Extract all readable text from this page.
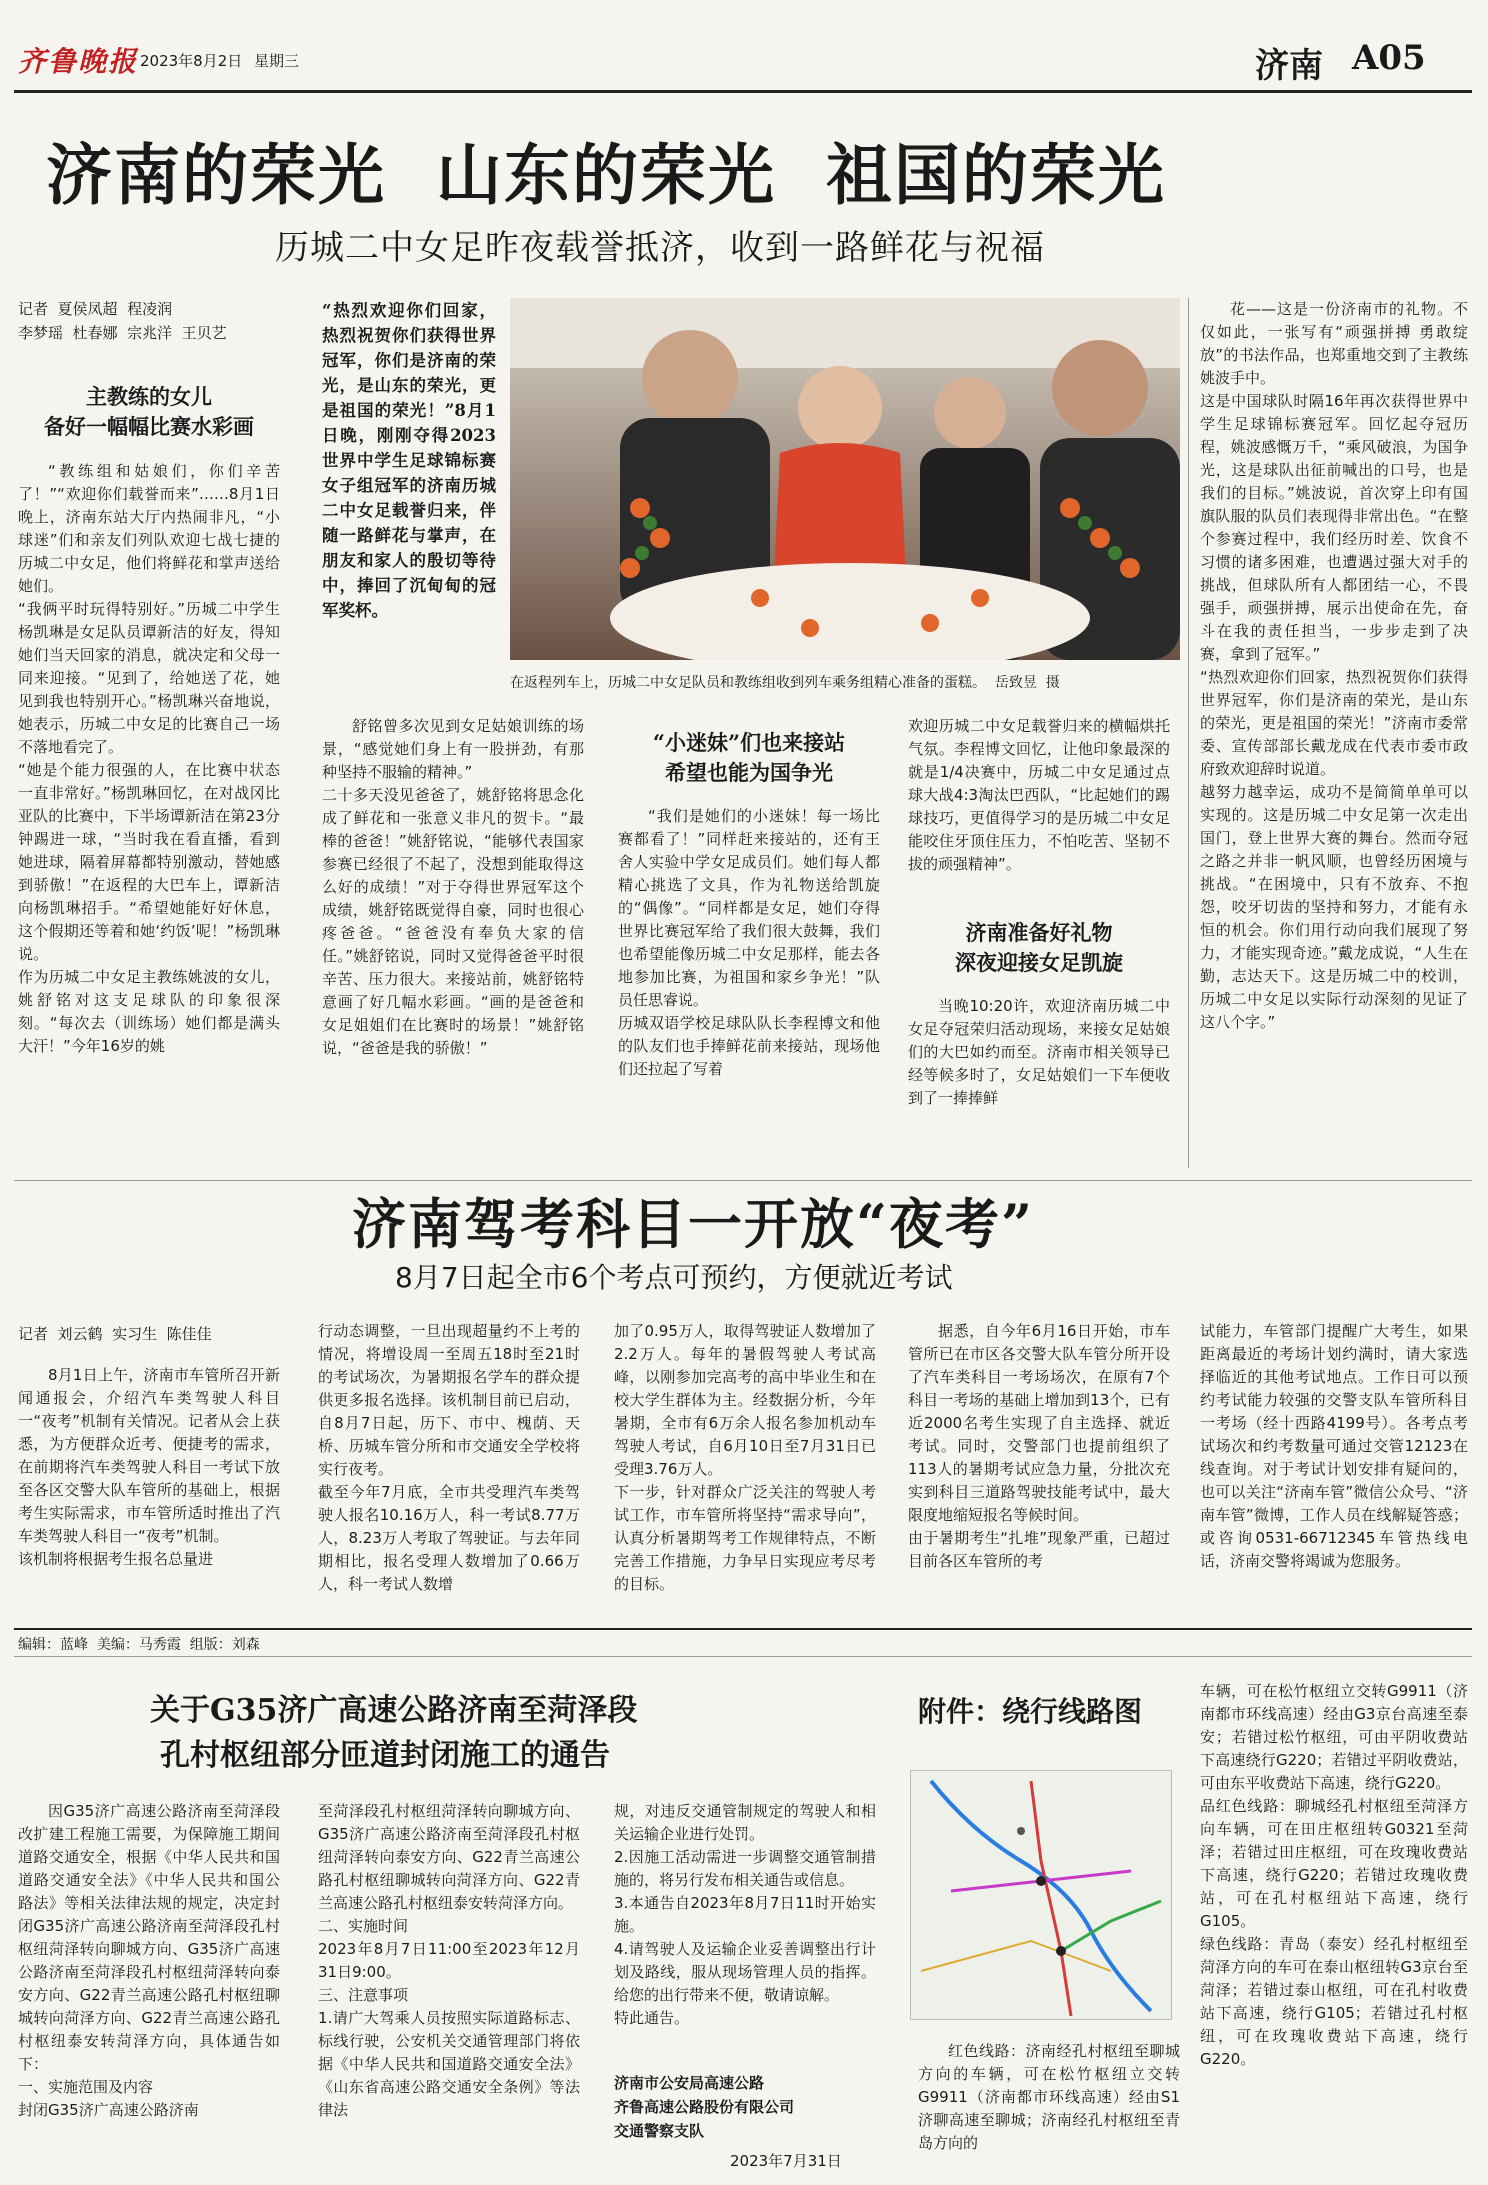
齐鲁晚报 2023年8月2日 星期三	济南 A05
济南的荣光  山东的荣光  祖国的荣光
历城二中女足昨夜载誉抵济，收到一路鲜花与祝福
记者  夏侯凤超  程凌润
李梦瑶  杜春娜  宗兆洋  王贝艺
主教练的女儿
备好一幅幅比赛水彩画
“教练组和姑娘们，你们辛苦了！”“欢迎你们载誉而来”……8月1日晚上，济南东站大厅内热闹非凡，“小球迷”们和亲友们列队欢迎七战七捷的历城二中女足，他们将鲜花和掌声送给她们。
“我俩平时玩得特别好。”历城二中学生杨凯琳是女足队员谭新洁的好友，得知她们当天回家的消息，就决定和父母一同来迎接。“见到了，给她送了花，她见到我也特别开心。”杨凯琳兴奋地说，她表示，历城二中女足的比赛自己一场不落地看完了。
“她是个能力很强的人，在比赛中状态一直非常好。”杨凯琳回忆，在对战冈比亚队的比赛中，下半场谭新洁在第23分钟踢进一球，“当时我在看直播，看到她进球，隔着屏幕都特别激动，替她感到骄傲！”在返程的大巴车上，谭新洁向杨凯琳招手。“希望她能好好休息，这个假期还等着和她‘约饭’呢！”杨凯琳说。
作为历城二中女足主教练姚波的女儿，姚舒铭对这支足球队的印象很深刻。“每次去（训练场）她们都是满头大汗！”今年16岁的姚
“热烈欢迎你们回家，热烈祝贺你们获得世界冠军，你们是济南的荣光，是山东的荣光，更是祖国的荣光！”8月1日晚，刚刚夺得2023世界中学生足球锦标赛女子组冠军的济南历城二中女足载誉归来，伴随一路鲜花与掌声，在朋友和家人的殷切等待中，捧回了沉甸甸的冠军奖杯。
在返程列车上，历城二中女足队员和教练组收到列车乘务组精心准备的蛋糕。  岳致昱  摄
舒铭曾多次见到女足姑娘训练的场景，“感觉她们身上有一股拼劲，有那种坚持不服输的精神。”
二十多天没见爸爸了，姚舒铭将思念化成了鲜花和一张意义非凡的贺卡。“最棒的爸爸！”姚舒铭说，“能够代表国家参赛已经很了不起了，没想到能取得这么好的成绩！”对于夺得世界冠军这个成绩，姚舒铭既觉得自豪，同时也很心疼爸爸。“爸爸没有奉负大家的信任。”姚舒铭说，同时又觉得爸爸平时很辛苦、压力很大。来接站前，姚舒铭特意画了好几幅水彩画。“画的是爸爸和女足姐姐们在比赛时的场景！”姚舒铭说，“爸爸是我的骄傲！”
“小迷妹”们也来接站
希望也能为国争光
“我们是她们的小迷妹！每一场比赛都看了！”同样赶来接站的，还有王舍人实验中学女足成员们。她们每人都精心挑选了文具，作为礼物送给凯旋的“偶像”。“同样都是女足，她们夺得世界比赛冠军给了我们很大鼓舞，我们也希望能像历城二中女足那样，能去各地参加比赛，为祖国和家乡争光！”队员任思睿说。
历城双语学校足球队队长李程博文和他的队友们也手捧鲜花前来接站，现场他们还拉起了写着
欢迎历城二中女足载誉归来的横幅烘托气氛。李程博文回忆，让他印象最深的就是1/4决赛中，历城二中女足通过点球大战4:3淘汰巴西队，“比起她们的踢球技巧，更值得学习的是历城二中女足能咬住牙顶住压力，不怕吃苦、坚韧不拔的顽强精神”。
济南准备好礼物
深夜迎接女足凯旋
当晚10:20许，欢迎济南历城二中女足夺冠荣归活动现场，来接女足姑娘们的大巴如约而至。济南市相关领导已经等候多时了，女足姑娘们一下车便收到了一捧捧鲜
花——这是一份济南市的礼物。不仅如此，一张写有“顽强拼搏 勇敢绽放”的书法作品，也郑重地交到了主教练姚波手中。
这是中国球队时隔16年再次获得世界中学生足球锦标赛冠军。回忆起夺冠历程，姚波感慨万千，“乘风破浪，为国争光，这是球队出征前喊出的口号，也是我们的目标。”姚波说，首次穿上印有国旗队服的队员们表现得非常出色。“在整个参赛过程中，我们经历时差、饮食不习惯的诸多困难，也遭遇过强大对手的挑战，但球队所有人都团结一心，不畏强手，顽强拼搏，展示出使命在先，奋斗在我的责任担当，一步步走到了决赛，拿到了冠军。”
“热烈欢迎你们回家，热烈祝贺你们获得世界冠军，你们是济南的荣光，是山东的荣光，更是祖国的荣光！”济南市委常委、宣传部部长戴龙成在代表市委市政府致欢迎辞时说道。
越努力越幸运，成功不是简简单单可以实现的。这是历城二中女足第一次走出国门，登上世界大赛的舞台。然而夺冠之路之并非一帆风顺，也曾经历困境与挑战。“在困境中，只有不放弃、不抱怨，咬牙切齿的坚持和努力，才能有永恒的机会。你们用行动向我们展现了努力，才能实现奇迹。”戴龙成说，“人生在勤，志达天下。这是历城二中的校训，历城二中女足以实际行动深刻的见证了这八个字。”
济南驾考科目一开放“夜考”
8月7日起全市6个考点可预约，方便就近考试
记者  刘云鹤  实习生  陈佳佳
8月1日上午，济南市车管所召开新闻通报会，介绍汽车类驾驶人科目一“夜考”机制有关情况。记者从会上获悉，为方便群众近考、便捷考的需求，在前期将汽车类驾驶人科目一考试下放至各区交警大队车管所的基础上，根据考生实际需求，市车管所适时推出了汽车类驾驶人科目一“夜考”机制。
该机制将根据考生报名总量进
行动态调整，一旦出现超量约不上考的情况，将增设周一至周五18时至21时的考试场次，为暑期报名学车的群众提供更多报名选择。该机制目前已启动，自8月7日起，历下、市中、槐荫、天桥、历城车管分所和市交通安全学校将实行夜考。
截至今年7月底，全市共受理汽车类驾驶人报名10.16万人，科一考试8.77万人，8.23万人考取了驾驶证。与去年同期相比，报名受理人数增加了0.66万人，科一考试人数增
加了0.95万人，取得驾驶证人数增加了2.2万人。每年的暑假驾驶人考试高峰，以刚参加完高考的高中毕业生和在校大学生群体为主。经数据分析，今年暑期，全市有6万余人报名参加机动车驾驶人考试，自6月10日至7月31日已受理3.76万人。
下一步，针对群众广泛关注的驾驶人考试工作，市车管所将坚持“需求导向”，认真分析暑期驾考工作规律特点，不断完善工作措施，力争早日实现应考尽考的目标。
据悉，自今年6月16日开始，市车管所已在市区各交警大队车管分所开设了汽车类科目一考场场次，在原有7个科目一考场的基础上增加到13个，已有近2000名考生实现了自主选择、就近考试。同时，交警部门也提前组织了113人的暑期考试应急力量，分批次充实到科目三道路驾驶技能考试中，最大限度地缩短报名等候时间。
由于暑期考生“扎堆”现象严重，已超过目前各区车管所的考
试能力，车管部门提醒广大考生，如果距离最近的考场计划约满时，请大家选择临近的其他考试地点。工作日可以预约考试能力较强的交警支队车管所科目一考场（经十西路4199号）。各考点考试场次和约考数量可通过交管12123在线查询。对于考试计划安排有疑问的，也可以关注“济南车管”微信公众号、“济南车管”微博，工作人员在线解疑答惑；或咨询0531-66712345车管热线电话，济南交警将竭诚为您服务。
编辑：蓝峰  美编：马秀霞  组版：刘森
关于G35济广高速公路济南至菏泽段
孔村枢纽部分匝道封闭施工的通告
因G35济广高速公路济南至菏泽段改扩建工程施工需要，为保障施工期间道路交通安全，根据《中华人民共和国道路交通安全法》《中华人民共和国公路法》等相关法律法规的规定，决定封闭G35济广高速公路济南至菏泽段孔村枢纽菏泽转向聊城方向、G35济广高速公路济南至菏泽段孔村枢纽菏泽转向泰安方向、G22青兰高速公路孔村枢纽聊城转向菏泽方向、G22青兰高速公路孔村枢纽泰安转菏泽方向，具体通告如下：
一、实施范围及内容
封闭G35济广高速公路济南
至菏泽段孔村枢纽菏泽转向聊城方向、G35济广高速公路济南至菏泽段孔村枢纽菏泽转向泰安方向、G22青兰高速公路孔村枢纽聊城转向菏泽方向、G22青兰高速公路孔村枢纽泰安转菏泽方向。
二、实施时间
2023年8月7日11:00至2023年12月31日9:00。
三、注意事项
1.请广大驾乘人员按照实际道路标志、标线行驶，公安机关交通管理部门将依据《中华人民共和国道路交通安全法》《山东省高速公路交通安全条例》等法律法
规，对违反交通管制规定的驾驶人和相关运输企业进行处罚。
2.因施工活动需进一步调整交通管制措施的，将另行发布相关通告或信息。
3.本通告自2023年8月7日11时开始实施。
4.请驾驶人及运输企业妥善调整出行计划及路线，服从现场管理人员的指挥。给您的出行带来不便，敬请谅解。
特此通告。
济南市公安局高速公路
齐鲁高速公路股份有限公司
交通警察支队
2023年7月31日
附件：绕行线路图
红色线路：济南经孔村枢纽至聊城方向的车辆，可在松竹枢纽立交转G9911（济南都市环线高速）经由S1济聊高速至聊城；济南经孔村枢纽至青岛方向的
车辆，可在松竹枢纽立交转G9911（济南都市环线高速）经由G3京台高速至泰安；若错过松竹枢纽，可由平阴收费站下高速绕行G220；若错过平阴收费站，可由东平收费站下高速，绕行G220。
品红色线路：聊城经孔村枢纽至菏泽方向车辆，可在田庄枢纽转G0321至菏泽；若错过田庄枢纽，可在玫瑰收费站下高速，绕行G220；若错过玫瑰收费站，可在孔村枢纽站下高速，绕行G105。
绿色线路：青岛（泰安）经孔村枢纽至菏泽方向的车可在泰山枢纽转G3京台至菏泽；若错过泰山枢纽，可在孔村收费站下高速，绕行G105；若错过孔村枢纽，可在玫瑰收费站下高速，绕行G220。
